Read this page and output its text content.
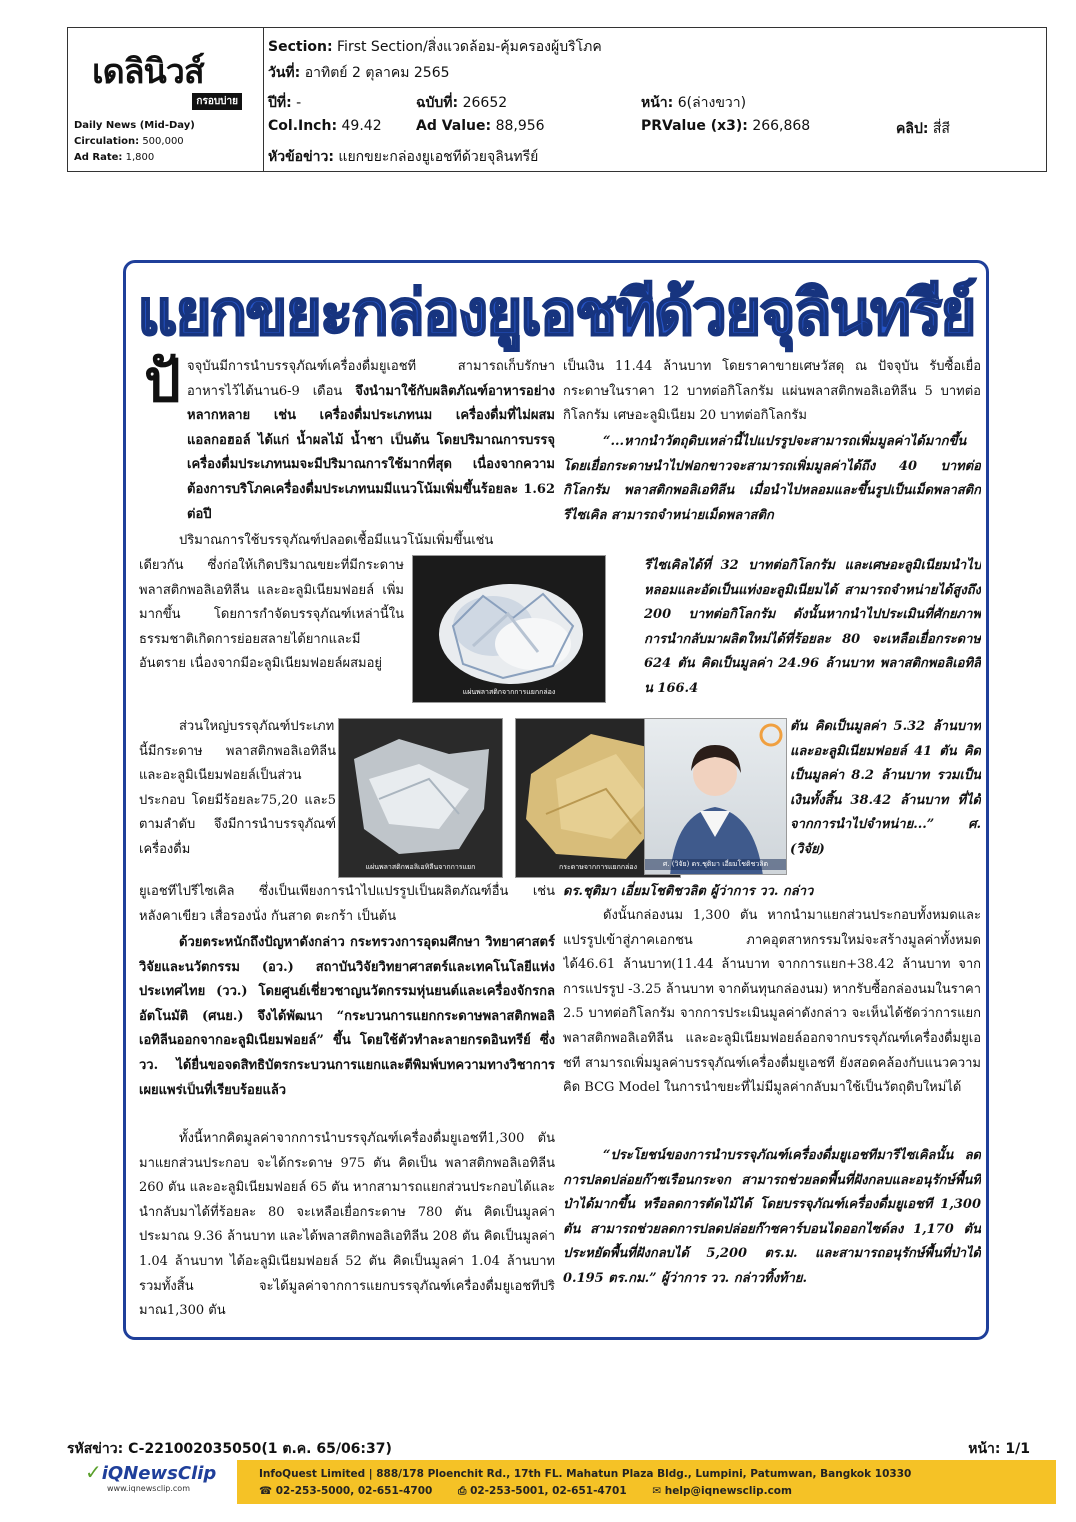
เดลินิวส์
กรอบบ่าย
Daily News (Mid-Day)
Circulation: 500,000
Ad Rate: 1,800
Section: First Section/สิ่งแวดล้อม-คุ้มครองผู้บริโภค
วันที่: อาทิตย์ 2 ตุลาคม 2565
ปีที่: -	ฉบับที่: 26652	หน้า: 6(ล่างขวา)
Col.Inch: 49.42 Ad Value: 88,956	PRValue (x3): 266,868	คลิป: สี่สี
หัวข้อข่าว: แยกขยะกล่องยูเอชทีด้วยจุลินทรีย์
แยกขยะกล่องยูเอชทีด้วยจุลินทรีย์
ปั จจุบันมีการนำบรรจุภัณฑ์เครื่องดื่มยูเอชที สามารถเก็บรักษาอาหารไว้ได้นาน6-9 เดือน จึงนำมาใช้กับผลิตภัณฑ์อาหารอย่างหลากหลาย เช่น เครื่องดื่มประเภทนม เครื่องดื่มที่ไม่ผสมแอลกอฮอล์ ได้แก่ น้ำผลไม้ น้ำชา เป็นต้น โดยปริมาณการบรรจุ เครื่องดื่มประเภทนมจะมีปริมาณการใช้มากที่สุด เนื่องจากความต้องการบริโภคเครื่องดื่มประเภทนมมีแนวโน้มเพิ่มขึ้นร้อยละ 1.62 ต่อปี

ปริมาณการใช้บรรจุภัณฑ์ปลอดเชื้อมีแนวโน้มเพิ่มขึ้นเช่น

เดียวกัน ซึ่งก่อให้เกิดปริมาณขยะที่มีกระดาษ พลาสติกพอลิเอทิลีน และอะลูมิเนียมฟอยล์ เพิ่มมากขึ้น โดยการกำจัดบรรจุภัณฑ์เหล่านี้ในธรรมชาติเกิดการย่อยสลายได้ยากและมีอันตราย เนื่องจากมีอะลูมิเนียมฟอยล์ผสมอยู่

แผ่นพลาสติกจากการแยกกล่อง

ส่วนใหญ่บรรจุภัณฑ์ประเภทนี้มีกระดาษ พลาสติกพอลิเอทิลีน และอะลูมิเนียมฟอยล์เป็นส่วนประกอบ โดยมีร้อยละ75,20 และ5 ตามลำดับ จึงมีการนำบรรจุภัณฑ์เครื่องดื่ม

แผ่นพลาสติกพอลิเอทิลีนจากการแยก	กระดาษจากการแยกกล่อง

ยูเอชทีไปรีไซเคิล ซึ่งเป็นเพียงการนำไปแปรรูปเป็นผลิตภัณฑ์อื่น เช่น หลังคาเขียว เสื่อรองนั่ง กันสาด ตะกร้า เป็นต้น

ด้วยตระหนักถึงปัญหาดังกล่าว กระทรวงการอุดมศึกษา วิทยาศาสตร์ วิจัยและนวัตกรรม (อว.) สถาบันวิจัยวิทยาศาสตร์และเทคโนโลยีแห่งประเทศไทย (วว.) โดยศูนย์เชี่ยวชาญนวัตกรรมหุ่นยนต์และเครื่องจักรกลอัตโนมัติ (ศนย.) จึงได้พัฒนา “กระบวนการแยกกระดาษพลาสติกพอลิเอทิลีนออกจากอะลูมิเนียมฟอยล์” ขึ้น โดยใช้ตัวทำละลายกรดอินทรีย์ ซึ่ง วว. ได้ยื่นขอจดสิทธิบัตรกระบวนการแยกและตีพิมพ์บทความทางวิชาการเผยแพร่เป็นที่เรียบร้อยแล้ว

ทั้งนี้หากคิดมูลค่าจากการนำบรรจุภัณฑ์เครื่องดื่มยูเอชที1,300 ตัน มาแยกส่วนประกอบ จะได้กระดาษ 975 ตัน คิดเป็น พลาสติกพอลิเอทิลีน 260 ตัน และอะลูมิเนียมฟอยล์ 65 ตัน หากสามารถแยกส่วนประกอบได้และนำกลับมาได้ที่ร้อยละ 80 จะเหลือเยื่อกระดาษ 780 ตัน คิดเป็นมูลค่าประมาณ 9.36 ล้านบาท และได้พลาสติกพอลิเอทิลีน 208 ตัน คิดเป็นมูลค่า 1.04 ล้านบาท ได้อะลูมิเนียมฟอยล์ 52 ตัน คิดเป็นมูลค่า 1.04 ล้านบาท รวมทั้งสิ้น จะได้มูลค่าจากการแยกบรรจุภัณฑ์เครื่องดื่มยูเอชทีปริมาณ1,300 ตัน

เป็นเงิน 11.44 ล้านบาท โดยราคาขายเศษวัสดุ ณ ปัจจุบัน รับซื้อเยื่อกระดาษในราคา 12 บาทต่อกิโลกรัม แผ่นพลาสติกพอลิเอทิลีน 5 บาทต่อกิโลกรัม เศษอะลูมิเนียม 20 บาทต่อกิโลกรัม

“...หากนำวัตถุดิบเหล่านี้ไปแปรรูปจะสามารถเพิ่มมูลค่าได้มากขึ้น โดยเยื่อกระดาษนำไปฟอกขาวจะสามารถเพิ่มมูลค่าได้ถึง 40 บาทต่อกิโลกรัม พลาสติกพอลิเอทิลีน เมื่อนำไปหลอมและขึ้นรูปเป็นเม็ดพลาสติกรีไซเคิล สามารถจำหน่ายเม็ดพลาสติก

รีไซเคิลได้ที่ 32 บาทต่อกิโลกรัม และเศษอะลูมิเนียมนำไปหลอมและอัดเป็นแท่งอะลูมิเนียมได้ สามารถจำหน่ายได้สูงถึง 200 บาทต่อกิโลกรัม ดังนั้นหากนำไปประเมินที่ศักยภาพการนำกลับมาผลิตใหม่ได้ที่ร้อยละ 80 จะเหลือเยื่อกระดาษ 624 ตัน คิดเป็นมูลค่า 24.96 ล้านบาท พลาสติกพอลิเอทิลีน 166.4

ศ. (วิจัย) ดร.ชุติมา เอี่ยมโชติชวลิต

ตัน คิดเป็นมูลค่า 5.32 ล้านบาท และอะลูมิเนียมฟอยล์ 41 ตัน คิดเป็นมูลค่า 8.2 ล้านบาท รวมเป็นเงินทั้งสิ้น 38.42 ล้านบาท ที่ได้จากการนำไปจำหน่าย...” ศ. (วิจัย)

ดร.ชุติมา เอี่ยมโชติชวลิต ผู้ว่าการ วว. กล่าว

ดังนั้นกล่องนม 1,300 ตัน หากนำมาแยกส่วนประกอบทั้งหมดและแปรรูปเข้าสู่ภาคเอกชน ภาคอุตสาหกรรมใหม่จะสร้างมูลค่าทั้งหมดได้46.61 ล้านบาท(11.44 ล้านบาท จากการแยก+38.42 ล้านบาท จากการแปรรูป -3.25 ล้านบาท จากต้นทุนกล่องนม) หากรับซื้อกล่องนมในราคา 2.5 บาทต่อกิโลกรัม จากการประเมินมูลค่าดังกล่าว จะเห็นได้ชัดว่าการแยกพลาสติกพอลิเอทิลีน และอะลูมิเนียมฟอยล์ออกจากบรรจุภัณฑ์เครื่องดื่มยูเอชที สามารถเพิ่มมูลค่าบรรจุภัณฑ์เครื่องดื่มยูเอชที ยังสอดคล้องกับแนวความคิด BCG Model ในการนำขยะที่ไม่มีมูลค่ากลับมาใช้เป็นวัตถุดิบใหม่ได้

“ประโยชน์ของการนำบรรจุภัณฑ์เครื่องดื่มยูเอชทีมารีไซเคิลนั้น ลดการปลดปล่อยก๊าซเรือนกระจก สามารถช่วยลดพื้นที่ฝังกลบและอนุรักษ์พื้นที่ป่าได้มากขึ้น หรือลดการตัดไม้ได้ โดยบรรจุภัณฑ์เครื่องดื่มยูเอชที 1,300 ตัน สามารถช่วยลดการปลดปล่อยก๊าซคาร์บอนไดออกไซด์ลง 1,170 ตัน ประหยัดพื้นที่ฝังกลบได้ 5,200 ตร.ม. และสามารถอนุรักษ์พื้นที่ป่าได้ 0.195 ตร.กม.” ผู้ว่าการ วว. กล่าวทิ้งท้าย.

รหัสข่าว: C-221002035050(1 ต.ค. 65/06:37)	หน้า: 1/1
✓iQNewsClip
www.iqnewsclip.com
InfoQuest Limited | 888/178 Ploenchit Rd., 17th FL. Mahatun Plaza Bldg., Lumpini, Patumwan, Bangkok 10330
☎ 02-253-5000, 02-651-4700 ⎙ 02-253-5001, 02-651-4701 ✉ help@iqnewsclip.com
